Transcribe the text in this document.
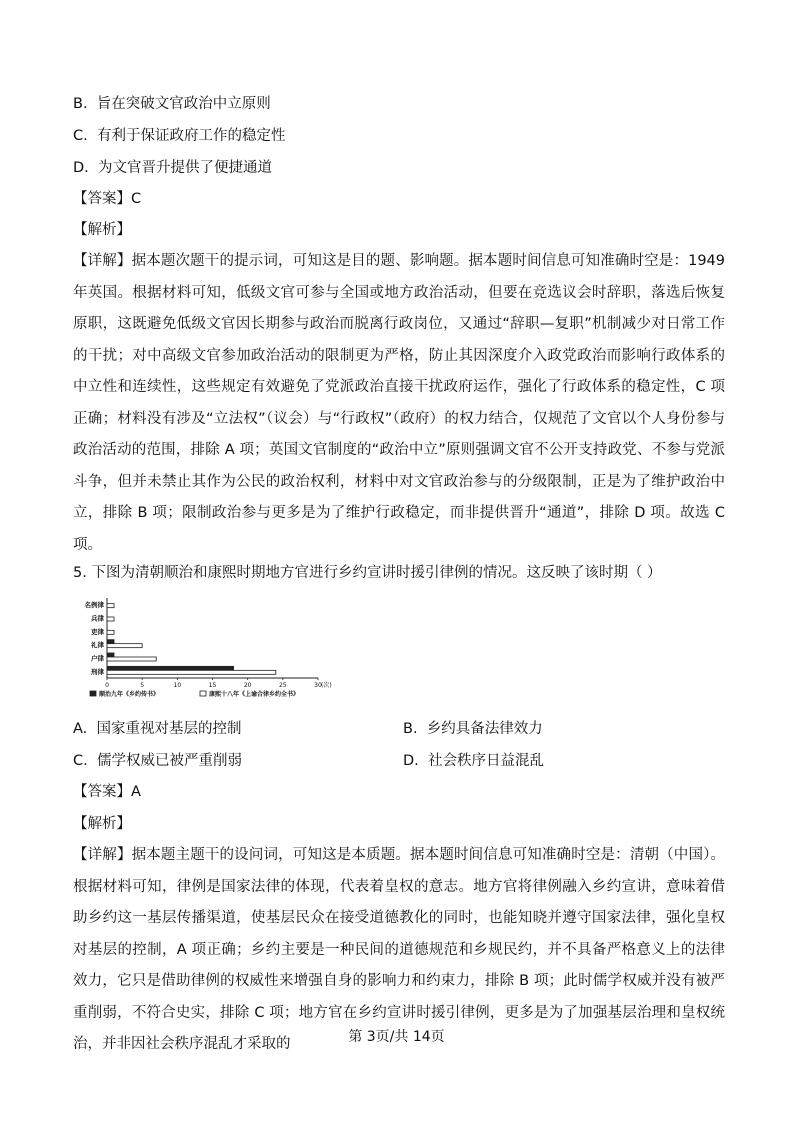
B. 旨在突破文官政治中立原则
C. 有利于保证政府工作的稳定性
D. 为文官晋升提供了便捷通道
【答案】C
【解析】
【详解】据本题次题干的提示词，可知这是目的题、影响题。据本题时间信息可知准确时空是：1949 年英国。根据材料可知，低级文官可参与全国或地方政治活动，但要在竞选议会时辞职，落选后恢复原职，这既避免低级文官因长期参与政治而脱离行政岗位，又通过“辞职—复职”机制减少对日常工作的干扰；对中高级文官参加政治活动的限制更为严格，防止其因深度介入政党政治而影响行政体系的中立性和连续性，这些规定有效避免了党派政治直接干扰政府运作，强化了行政体系的稳定性，C 项正确；材料没有涉及“立法权”（议会）与“行政权”（政府）的权力结合，仅规范了文官以个人身份参与政治活动的范围，排除 A 项；英国文官制度的“政治中立”原则强调文官不公开支持政党、不参与党派斗争，但并未禁止其作为公民的政治权利，材料中对文官政治参与的分级限制，正是为了维护政治中立，排除 B 项；限制政治参与更多是为了维护行政稳定，而非提供晋升“通道”，排除 D 项。故选 C 项。
5. 下图为清朝顺治和康熙时期地方官进行乡约宣讲时援引律例的情况。这反映了该时期（ ）
名例律
兵律
吏律
礼律
户律
刑律
0	5	10	15	20	25	30 (次)
顺治九年《乡约传书》	康熙十八年《上谕合律乡约全书》
A. 国家重视对基层的控制	B. 乡约具备法律效力
C. 儒学权威已被严重削弱	D. 社会秩序日益混乱
【答案】A
【解析】
【详解】据本题主题干的设问词，可知这是本质题。据本题时间信息可知准确时空是：清朝（中国）。根据材料可知，律例是国家法律的体现，代表着皇权的意志。地方官将律例融入乡约宣讲，意味着借助乡约这一基层传播渠道，使基层民众在接受道德教化的同时，也能知晓并遵守国家法律，强化皇权对基层的控制，A 项正确；乡约主要是一种民间的道德规范和乡规民约，并不具备严格意义上的法律效力，它只是借助律例的权威性来增强自身的影响力和约束力，排除 B 项；此时儒学权威并没有被严重削弱，不符合史实，排除 C 项；地方官在乡约宣讲时援引律例，更多是为了加强基层治理和皇权统治，并非因社会秩序混乱才采取的	第 3页/共 14页
